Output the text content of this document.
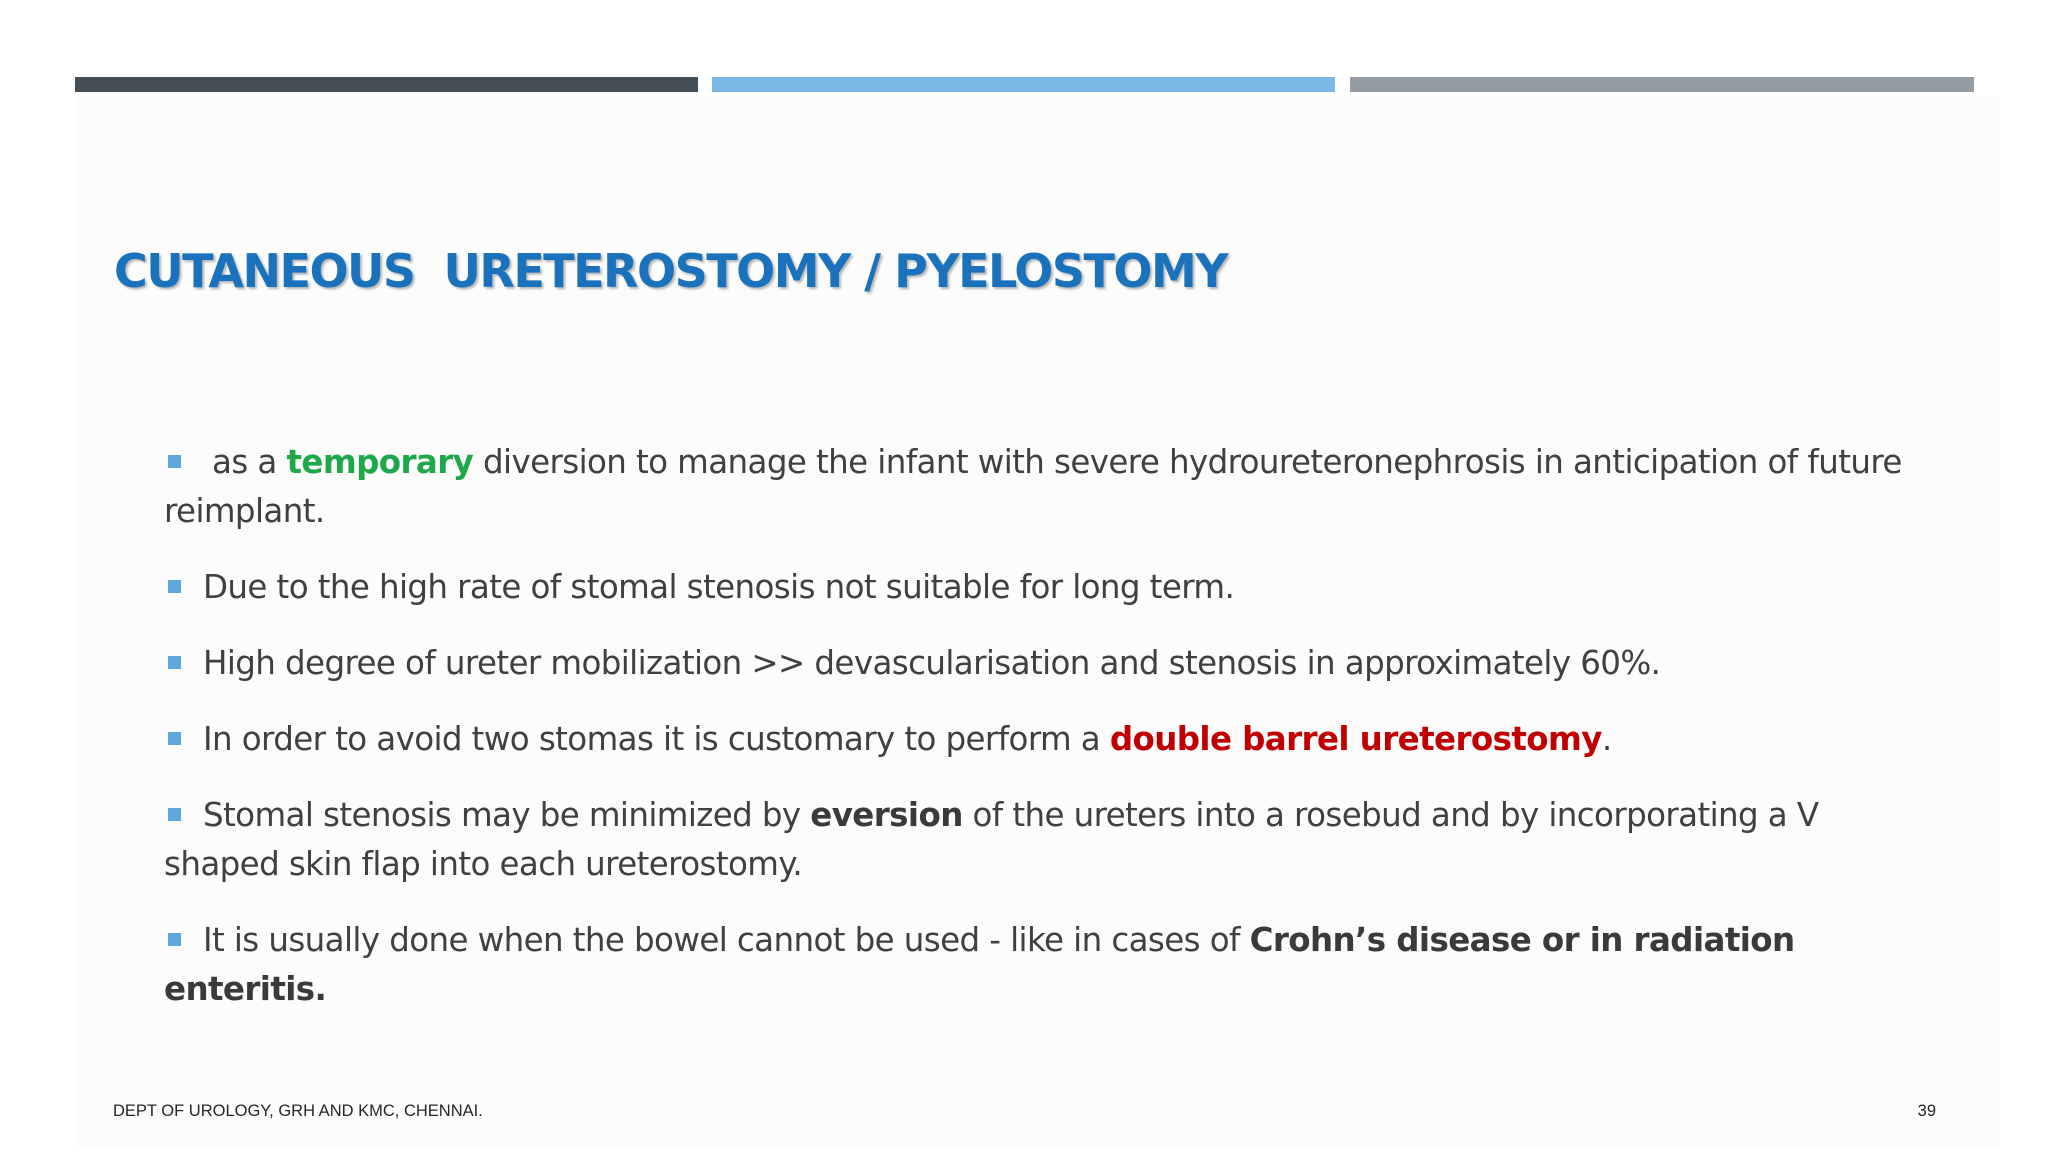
CUTANEOUS  URETEROSTOMY / PYELOSTOMY
as a temporary diversion to manage the infant with severe hydroureteronephrosis in anticipation of future reimplant.
Due to the high rate of stomal stenosis not suitable for long term.
High degree of ureter mobilization >> devascularisation and stenosis in approximately 60%.
In order to avoid two stomas it is customary to perform a double barrel ureterostomy.
Stomal stenosis may be minimized by eversion of the ureters into a rosebud and by incorporating a V shaped skin flap into each ureterostomy.
It is usually done when the bowel cannot be used - like in cases of Crohn’s disease or in radiation enteritis.
DEPT OF UROLOGY, GRH AND KMC, CHENNAI.	39
